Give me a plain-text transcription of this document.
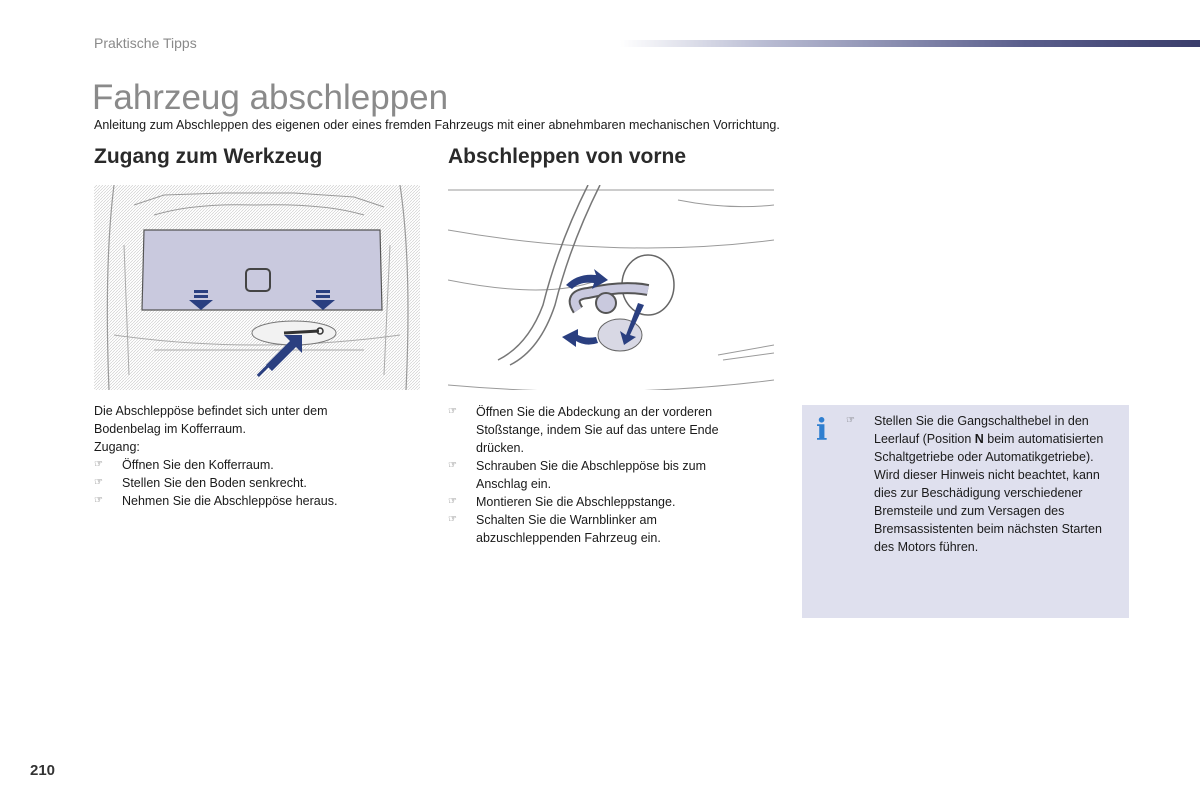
Praktische Tipps
Fahrzeug abschleppen
Anleitung zum Abschleppen des eigenen oder eines fremden Fahrzeugs mit einer abnehmbaren mechanischen Vorrichtung.
Zugang zum Werkzeug

Die Abschleppöse befindet sich unter dem Bodenbelag im Kofferraum.

Zugang:

☞ Öffnen Sie den Kofferraum.
☞ Stellen Sie den Boden senkrecht.
☞ Nehmen Sie die Abschleppöse heraus.
Abschleppen von vorne
☞ Öffnen Sie die Abdeckung an der vorderen Stoßstange, indem Sie auf das untere Ende drücken.
☞ Schrauben Sie die Abschleppöse bis zum Anschlag ein.
☞ Montieren Sie die Abschleppstange.
☞ Schalten Sie die Warnblinker am abzuschleppenden Fahrzeug ein.
i ☞ Stellen Sie die Gangschalthebel in den Leerlauf (Position N beim automatisierten Schaltgetriebe oder Automatikgetriebe).
Wird dieser Hinweis nicht beachtet, kann dies zur Beschädigung verschiedener Bremsteile und zum Versagen des Bremsassistenten beim nächsten Starten des Motors führen.
210
